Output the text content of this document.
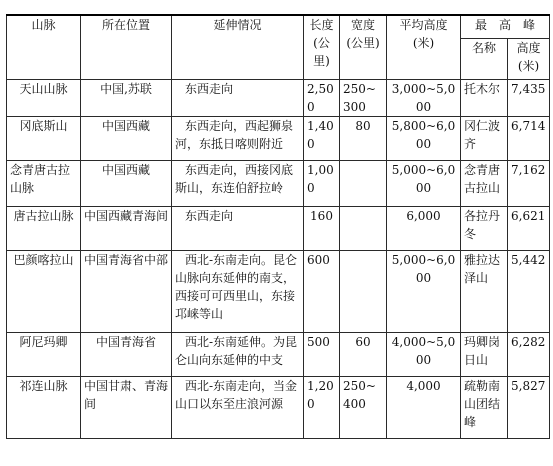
山脉	所在位置	延伸情况	长度(公里)	宽度(公里)	平均高度(米)	最　高　峰	
						名称	高度(米)
天山山脉	中国,苏联	东西走向	2,500	250~300	3,000~5,000	托木尔	7,435
冈底斯山	中国西藏	东西走向，西起狮泉河，东抵日喀则附近	1,400	80	5,800~6,000	冈仁波齐	6,714
念青唐古拉山脉	中国西藏	东西走向，西接冈底斯山，东连伯舒拉岭	1,000		5,000~6,000	念青唐古拉山	7,162
唐古拉山脉	中国西藏青海间	东西走向	160		6,000	各拉丹冬	6,621
巴颜喀拉山	中国青海省中部	西北-东南走向。昆仑山脉向东延伸的南支，西接可可西里山，东接邛崃等山	600		5,000~6,000	雅拉达泽山	5,442
阿尼玛卿	中国青海省	西北-东南延伸。为昆仑山向东延伸的中支	500	60	4,000~5,000	玛卿岗日山	6,282
祁连山脉	中国甘肃、青海间	西北-东南走向，当金山口以东至庄浪河源	1,200	250~400	4,000	疏勒南山团结峰	5,827
